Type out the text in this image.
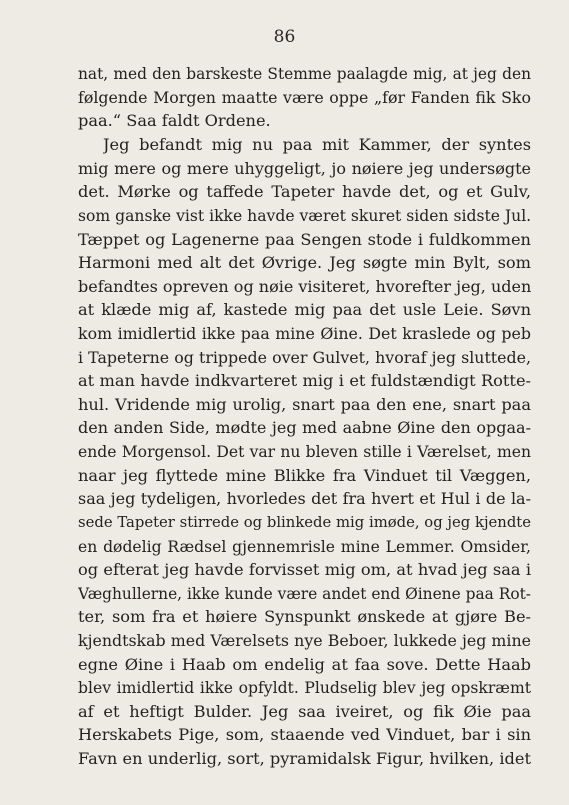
86
nat, med den barskeste Stemme paalagde mig, at jeg den
følgende Morgen maatte være oppe „før Fanden fik Sko
paa.“ Saa faldt Ordene.
Jeg befandt mig nu paa mit Kammer, der syntes
mig mere og mere uhyggeligt, jo nøiere jeg undersøgte
det. Mørke og taffede Tapeter havde det, og et Gulv,
som ganske vist ikke havde været skuret siden sidste Jul.
Tæppet og Lagenerne paa Sengen stode i fuldkommen
Harmoni med alt det Øvrige. Jeg søgte min Bylt, som
befandtes opreven og nøie visiteret, hvorefter jeg, uden
at klæde mig af, kastede mig paa det usle Leie. Søvn
kom imidlertid ikke paa mine Øine. Det kraslede og peb
i Tapeterne og trippede over Gulvet, hvoraf jeg sluttede,
at man havde indkvarteret mig i et fuldstændigt Rotte-
hul. Vridende mig urolig, snart paa den ene, snart paa
den anden Side, mødte jeg med aabne Øine den opgaa-
ende Morgensol. Det var nu bleven stille i Værelset, men
naar jeg flyttede mine Blikke fra Vinduet til Væggen,
saa jeg tydeligen, hvorledes det fra hvert et Hul i de la-
sede Tapeter stirrede og blinkede mig imøde, og jeg kjendte
en dødelig Rædsel gjennemrisle mine Lemmer. Omsider,
og efterat jeg havde forvisset mig om, at hvad jeg saa i
Væghullerne, ikke kunde være andet end Øinene paa Rot-
ter, som fra et høiere Synspunkt ønskede at gjøre Be-
kjendtskab med Værelsets nye Beboer, lukkede jeg mine
egne Øine i Haab om endelig at faa sove. Dette Haab
blev imidlertid ikke opfyldt. Pludselig blev jeg opskræmt
af et heftigt Bulder. Jeg saa iveiret, og fik Øie paa
Herskabets Pige, som, staaende ved Vinduet, bar i sin
Favn en underlig, sort, pyramidalsk Figur, hvilken, idet
